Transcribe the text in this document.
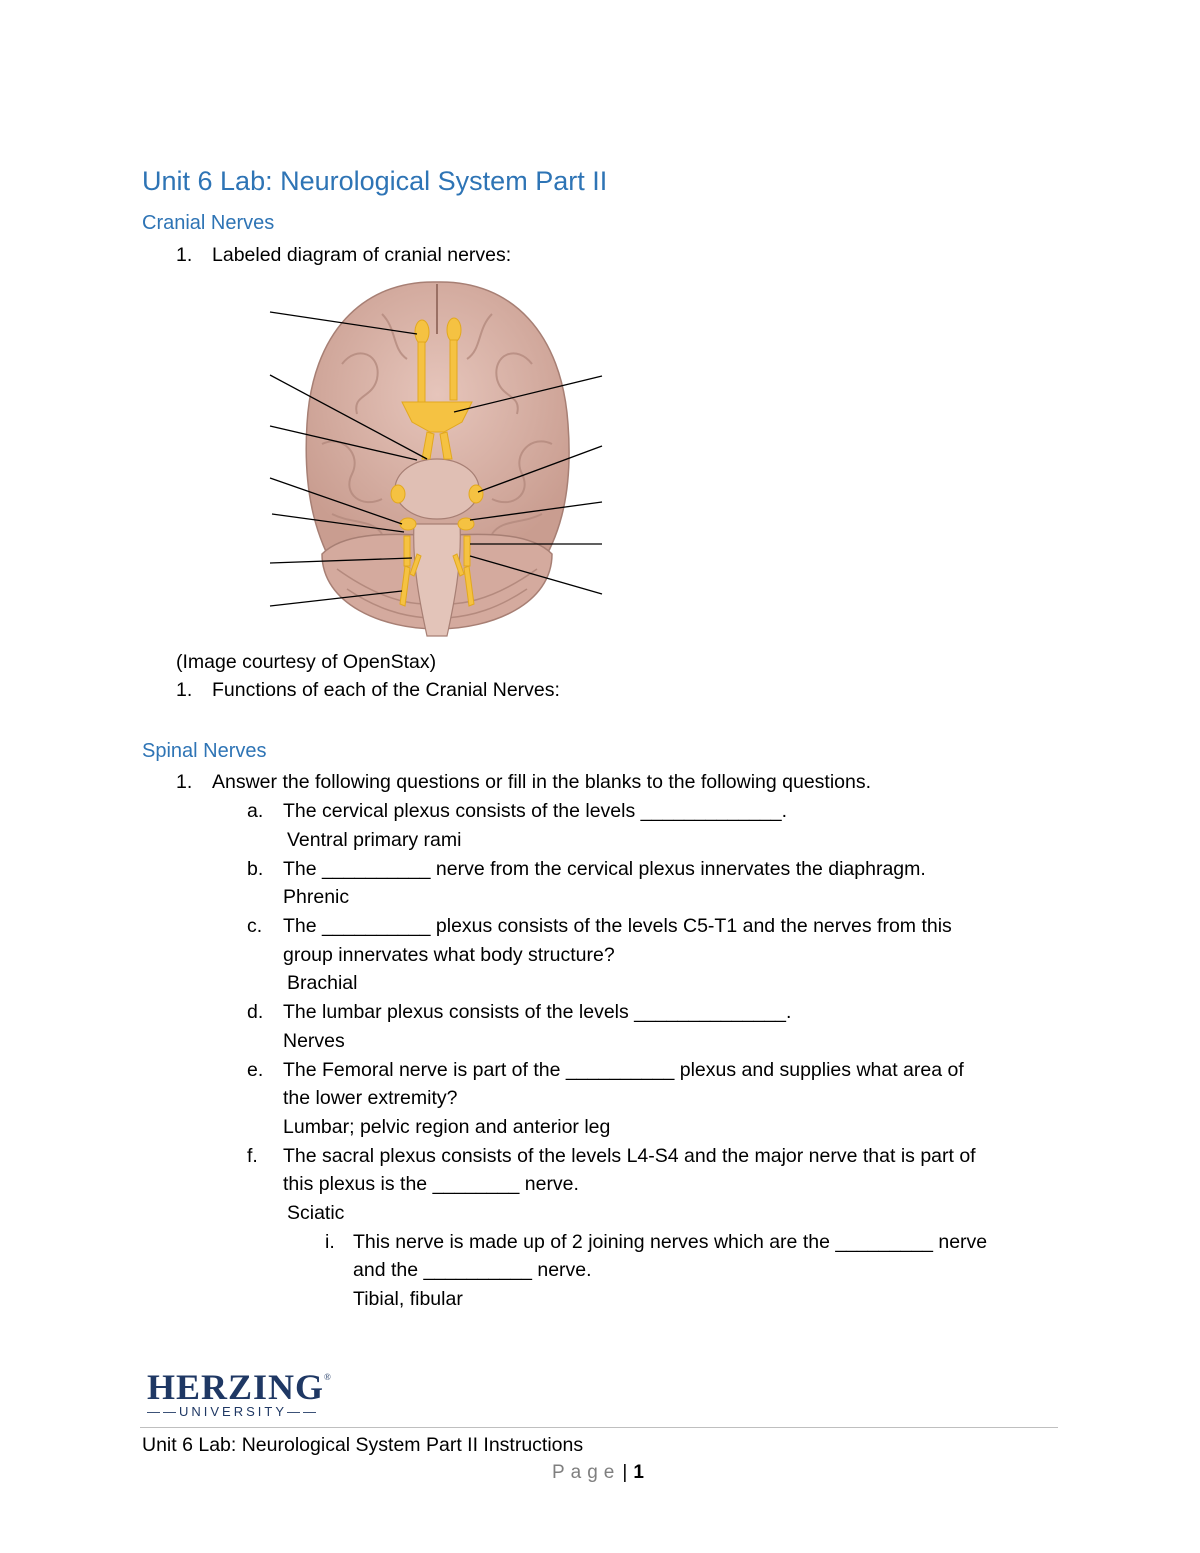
Unit 6 Lab: Neurological System Part II
Cranial Nerves
1. Labeled diagram of cranial nerves:
(Image courtesy of OpenStax)
1. Functions of each of the Cranial Nerves:
Spinal Nerves
1. Answer the following questions or fill in the blanks to the following questions.
a. The cervical plexus consists of the levels _____________.
Ventral primary rami
b. The __________ nerve from the cervical plexus innervates the diaphragm.
Phrenic
c. The __________ plexus consists of the levels C5-T1 and the nerves from this
group innervates what body structure?
Brachial
d. The lumbar plexus consists of the levels ______________.
Nerves
e. The Femoral nerve is part of the __________ plexus and supplies what area of
the lower extremity?
Lumbar; pelvic region and anterior leg
f. The sacral plexus consists of the levels L4-S4 and the major nerve that is part of
this plexus is the ________ nerve.
Sciatic
i. This nerve is made up of 2 joining nerves which are the _________ nerve
and the __________ nerve.
Tibial, fibular
HERZING®
——UNIVERSITY——
Unit 6 Lab: Neurological System Part II Instructions
Page | 1
